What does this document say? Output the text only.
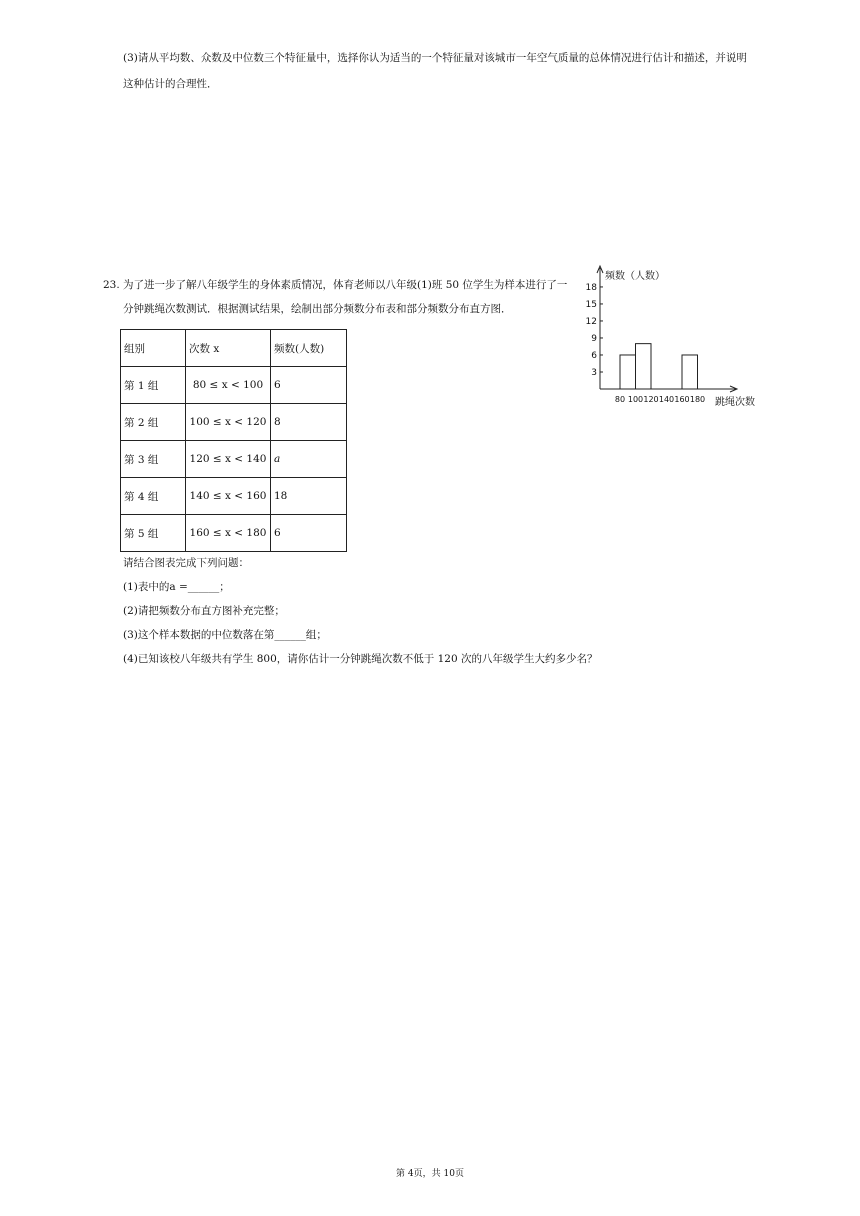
(3)请从平均数、众数及中位数三个特征量中，选择你认为适当的一个特征量对该城市一年空气质量的总体情况进行估计和描述，并说明
这种估计的合理性．
23. 为了进一步了解八年级学生的身体素质情况，体育老师以八年级(1)班 50 位学生为样本进行了一
分钟跳绳次数测试．根据测试结果，绘制出部分频数分布表和部分频数分布直方图．
组别	次数 x	频数(人数)
第 1 组	80 ≤ x < 100	6
第 2 组	100 ≤ x < 120	8
第 3 组	120 ≤ x < 140	a
第 4 组	140 ≤ x < 160	18
第 5 组	160 ≤ x < 180	6
请结合图表完成下列问题：
(1)表中的a =______；
(2)请把频数分布直方图补充完整；
(3)这个样本数据的中位数落在第______组；
(4)已知该校八年级共有学生 800，请你估计一分钟跳绳次数不低于 120 次的八年级学生大约多少名？
3
6
9
12
15
18
频数（人数）
80 100 120 140 160 180 跳绳次数
第 4页，共 10页
